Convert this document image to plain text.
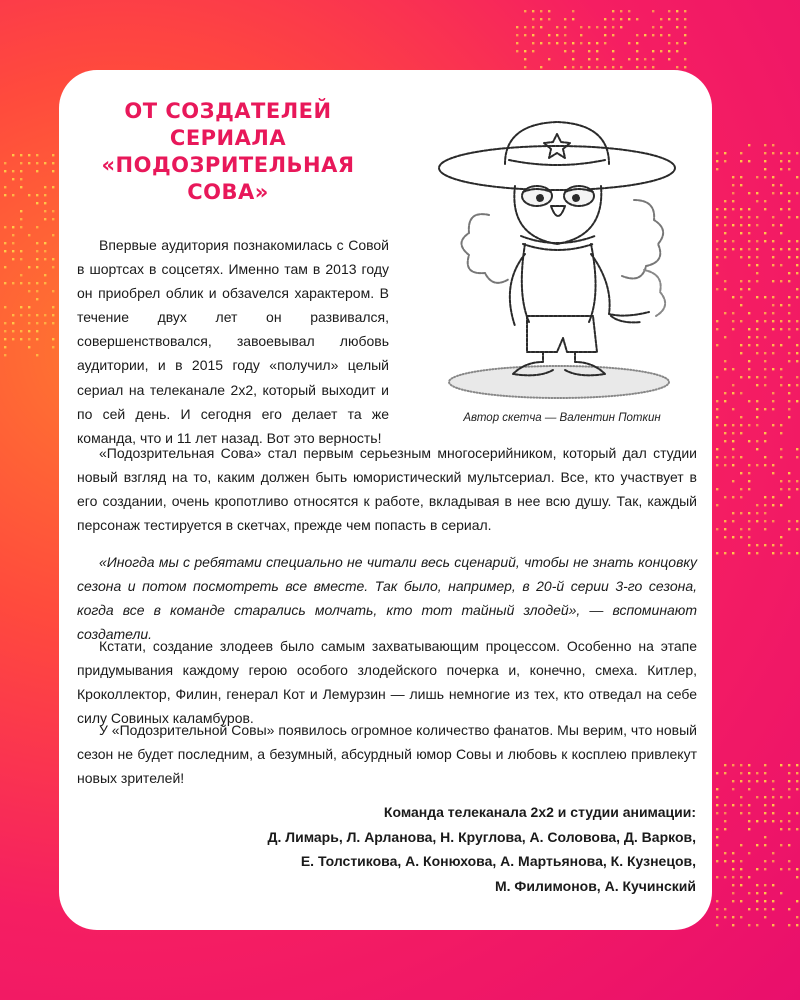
ОТ СОЗДАТЕЛЕЙ
СЕРИАЛА
«ПОДОЗРИТЕЛЬНАЯ
СОВА»
Автор скетча — Валентин Поткин

Впервые аудитория познакомилась с Совой в шортсах в соцсетях. Именно там в 2013 году он приобрел облик и обзаvелся характером. В течение двух лет он развивался, совершенствовался, завоевывал любовь аудитории, и в 2015 году «получил» целый сериал на телеканале 2х2, который выходит и по сей день. И сегодня его делает та же команда, что и 11 лет назад. Вот это верность!

«Подозрительная Сова» стал первым серьезным многосерийником, который дал студии новый взгляд на то, каким должен быть юмористический мультсериал. Все, кто участвует в его создании, очень кропотливо относятся к работе, вкладывая в нее всю душу. Так, каждый персонаж тестируется в скетчах, прежде чем попасть в сериал.

«Иногда мы с ребятами специально не читали весь сценарий, чтобы не знать концовку сезона и потом посмотреть все вместе. Так было, например, в 20-й серии 3-го сезона, когда все в команде старались молчать, кто тот тайный злодей», — вспоминают создатели.

Кстати, создание злодеев было самым захватывающим процессом. Особенно на этапе придумывания каждому герою особого злодейского почерка и, конечно, смеха. Китлер, Кроколлектор, Филин, генерал Кот и Лемурзин — лишь немногие из тех, кто отведал на себе силу Совиных каламбуров.

У «Подозрительной Совы» появилось огромное количество фанатов. Мы верим, что новый сезон не будет последним, а безумный, абсурдный юмор Совы и любовь к косплею привлекут новых зрителей!

Команда телеканала 2х2 и студии анимации:
Д. Лимарь, Л. Арланова, Н. Круглова, А. Соловова, Д. Варков,
Е. Толстикова, А. Конюхова, А. Мартьянова, К. Кузнецов,
М. Филимонов, А. Кучинский
